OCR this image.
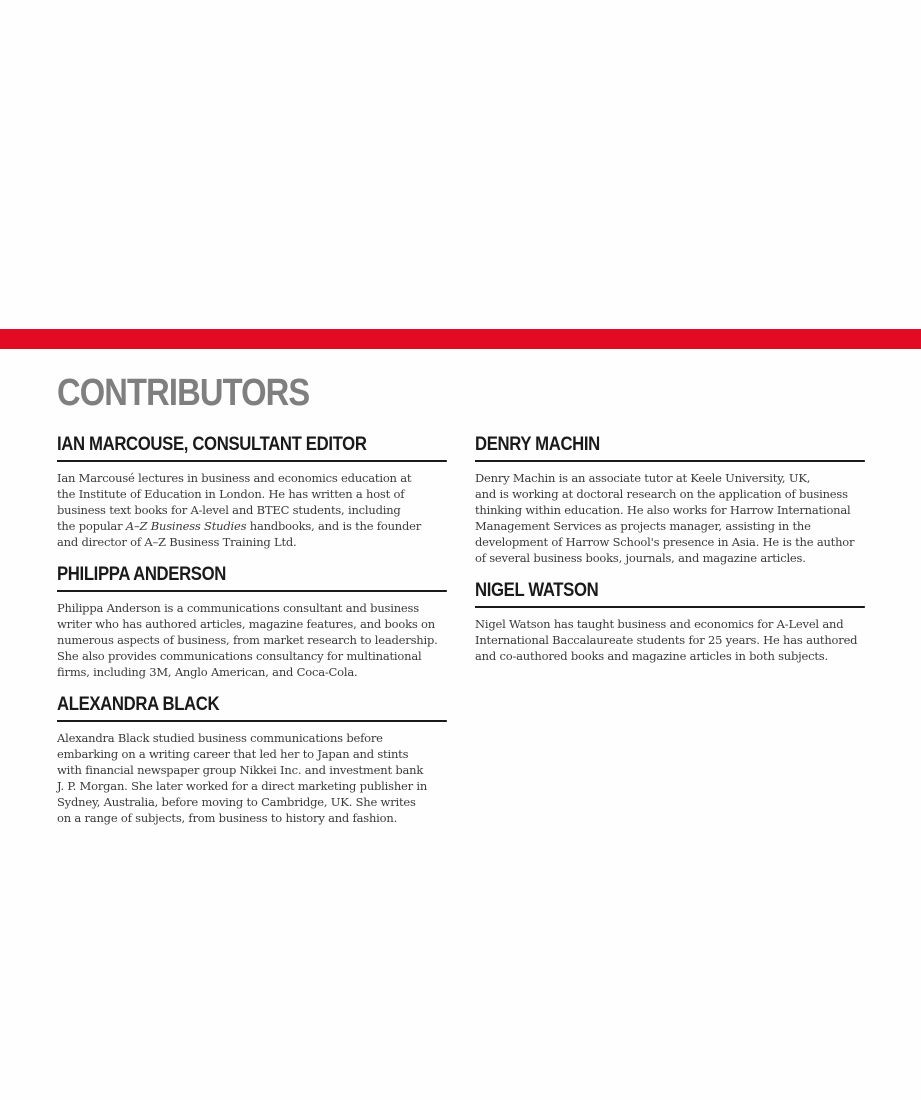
CONTRIBUTORS
IAN MARCOUSE, CONSULTANT EDITOR
Ian Marcousé lectures in business and economics education at
the Institute of Education in London. He has written a host of
business text books for A-level and BTEC students, including
the popular A–Z Business Studies handbooks, and is the founder
and director of A–Z Business Training Ltd.
PHILIPPA ANDERSON
Philippa Anderson is a communications consultant and business
writer who has authored articles, magazine features, and books on
numerous aspects of business, from market research to leadership.
She also provides communications consultancy for multinational
firms, including 3M, Anglo American, and Coca-Cola.
ALEXANDRA BLACK
Alexandra Black studied business communications before
embarking on a writing career that led her to Japan and stints
with financial newspaper group Nikkei Inc. and investment bank
J. P. Morgan. She later worked for a direct marketing publisher in
Sydney, Australia, before moving to Cambridge, UK. She writes
on a range of subjects, from business to history and fashion.
DENRY MACHIN
Denry Machin is an associate tutor at Keele University, UK,
and is working at doctoral research on the application of business
thinking within education. He also works for Harrow International
Management Services as projects manager, assisting in the
development of Harrow School's presence in Asia. He is the author
of several business books, journals, and magazine articles.
NIGEL WATSON
Nigel Watson has taught business and economics for A-Level and
International Baccalaureate students for 25 years. He has authored
and co-authored books and magazine articles in both subjects.
